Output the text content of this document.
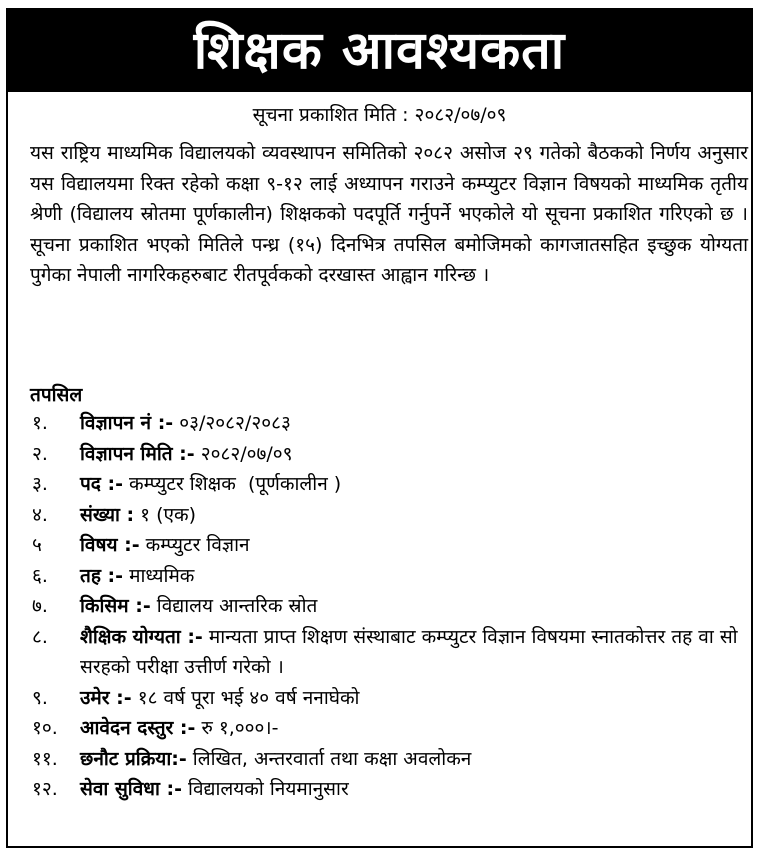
शिक्षक आवश्यकता
सूचना प्रकाशित मिति : २०८२/०७/०९
यस राष्ट्रिय माध्यमिक विद्यालयको व्यवस्थापन समितिको २०८२ असोज २९ गतेको बैठकको निर्णय अनुसार यस विद्यालयमा रिक्त रहेको कक्षा ९-१२ लाई अध्यापन गराउने कम्प्युटर विज्ञान विषयको माध्यमिक तृतीय श्रेणी (विद्यालय स्रोतमा पूर्णकालीन) शिक्षकको पदपूर्ति गर्नुपर्ने भएकोले यो सूचना प्रकाशित गरिएको छ । सूचना प्रकाशित भएको मितिले पन्ध्र (१५) दिनभित्र तपसिल बमोजिमको कागजातसहित इच्छुक योग्यता पुगेका नेपाली नागरिकहरुबाट रीतपूर्वकको दरखास्त आह्वान गरिन्छ ।
तपसिल
१. विज्ञापन नं :- ०३/२०८२/२०८३
२. विज्ञापन मिति :- २०८२/०७/०९
३. पद :- कम्प्युटर शिक्षक  (पूर्णकालीन )
४. संख्या : १ (एक)
५ विषय :- कम्प्युटर विज्ञान
६. तह :- माध्यमिक
७. किसिम :- विद्यालय आन्तरिक स्रोत
८. शैक्षिक योग्यता :- मान्यता प्राप्त शिक्षण संस्थाबाट कम्प्युटर विज्ञान विषयमा स्नातकोत्तर तह वा सो सरहको परीक्षा उत्तीर्ण गरेको ।
९. उमेर :- १८ वर्ष पूरा भई ४० वर्ष ननाघेको
१०. आवेदन दस्तुर :- रु १,०००।-
११. छनौट प्रक्रिया:- लिखित, अन्तरवार्ता तथा कक्षा अवलोकन
१२. सेवा सुविधा :- विद्यालयको नियमानुसार
